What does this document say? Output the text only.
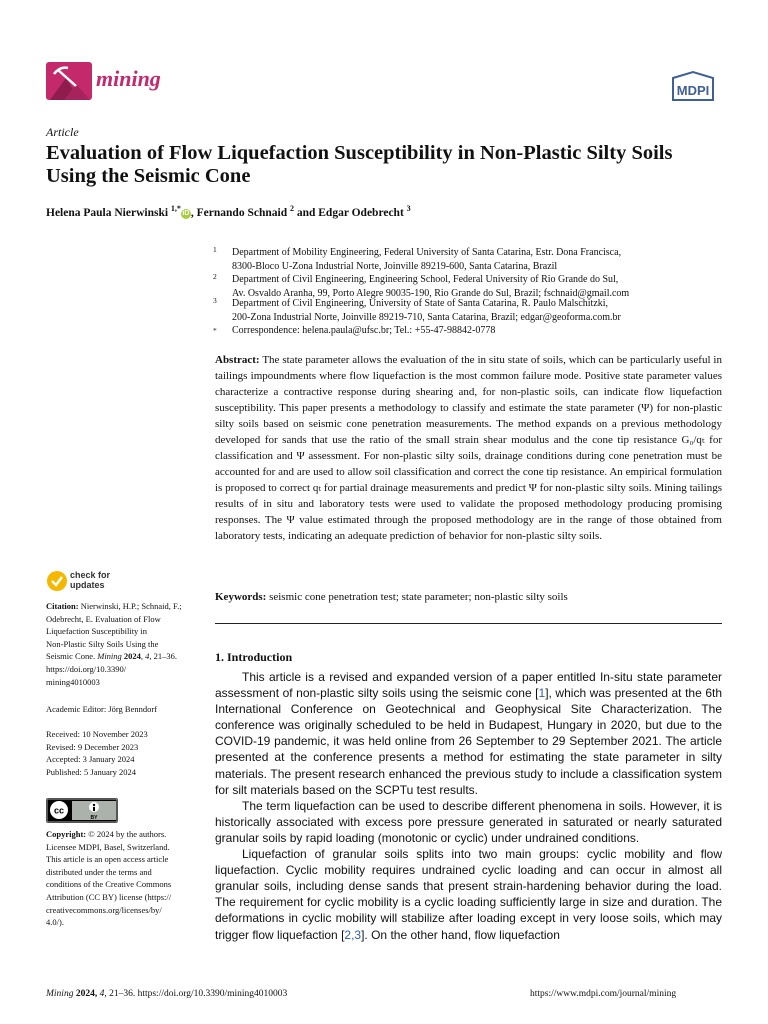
mining	MDPI
Article
Evaluation of Flow Liquefaction Susceptibility in Non-Plastic Silty Soils Using the Seismic Cone
Helena Paula Nierwinski $^{1,*}$iD , Fernando Schnaid $^2$ and Edgar Odebrecht $^3$
1 Department of Mobility Engineering, Federal University of Santa Catarina, Estr. Dona Francisca,
8300-Bloco U-Zona Industrial Norte, Joinville 89219-600, Santa Catarina, Brazil
2 Department of Civil Engineering, Engineering School, Federal University of Rio Grande do Sul,
Av. Osvaldo Aranha, 99, Porto Alegre 90035-190, Rio Grande do Sul, Brazil; fschnaid@gmail.com
3 Department of Civil Engineering, University of State of Santa Catarina, R. Paulo Malschitzki,
200-Zona Industrial Norte, Joinville 89219-710, Santa Catarina, Brazil; edgar@geoforma.com.br
* Correspondence: helena.paula@ufsc.br; Tel.: +55-47-98842-0778
Abstract: The state parameter allows the evaluation of the in situ state of soils, which can be particularly useful in tailings impoundments where flow liquefaction is the most common failure mode. Positive state parameter values characterize a contractive response during shearing and, for non-plastic soils, can indicate flow liquefaction susceptibility. This paper presents a methodology to classify and estimate the state parameter (Ψ) for non-plastic silty soils based on seismic cone penetration measurements. The method expands on a previous methodology developed for sands that use the ratio of the small strain shear modulus and the cone tip resistance G₀/qₜ for classification and Ψ assessment. For non-plastic silty soils, drainage conditions during cone penetration must be accounted for and are used to allow soil classification and correct the cone tip resistance. An empirical formulation is proposed to correct qₜ for partial drainage measurements and predict Ψ for non-plastic silty soils. Mining tailings results of in situ and laboratory tests were used to validate the proposed methodology producing promising responses. The Ψ value estimated through the proposed methodology are in the range of those obtained from laboratory tests, indicating an adequate prediction of behavior for non-plastic silty soils.
Keywords: seismic cone penetration test; state parameter; non-plastic silty soils
1. Introduction

This article is a revised and expanded version of a paper entitled In-situ state parameter assessment of non-plastic silty soils using the seismic cone [1], which was presented at the 6th International Conference on Geotechnical and Geophysical Site Characterization. The conference was originally scheduled to be held in Budapest, Hungary in 2020, but due to the COVID-19 pandemic, it was held online from 26 September to 29 September 2021. The article presented at the conference presents a method for estimating the state parameter in silty materials. The present research enhanced the previous study to include a classification system for silt materials based on the SCPTu test results.

The term liquefaction can be used to describe different phenomena in soils. However, it is historically associated with excess pore pressure generated in saturated or nearly saturated granular soils by rapid loading (monotonic or cyclic) under undrained conditions.

Liquefaction of granular soils splits into two main groups: cyclic mobility and flow liquefaction. Cyclic mobility requires undrained cyclic loading and can occur in almost all granular soils, including dense sands that present strain-hardening behavior during the load. The requirement for cyclic mobility is a cyclic loading sufficiently large in size and duration. The deformations in cyclic mobility will stabilize after loading except in very loose soils, which may trigger flow liquefaction [2,3]. On the other hand, flow liquefaction

check for
updates
Citation: Nierwinski, H.P.; Schnaid, F.;
Odebrecht, E. Evaluation of Flow
Liquefaction Susceptibility in
Non-Plastic Silty Soils Using the
Seismic Cone. Mining 2024, 4, 21–36.
https://doi.org/10.3390/
mining4010003
Academic Editor: Jörg Benndorf
Received: 10 November 2023
Revised: 9 December 2023
Accepted: 3 January 2024
Published: 5 January 2024
cc
BY
Copyright: © 2024 by the authors.
Licensee MDPI, Basel, Switzerland.
This article is an open access article
distributed under the terms and
conditions of the Creative Commons
Attribution (CC BY) license (https://
creativecommons.org/licenses/by/
4.0/).
Mining 2024, 4, 21–36. https://doi.org/10.3390/mining4010003	https://www.mdpi.com/journal/mining
